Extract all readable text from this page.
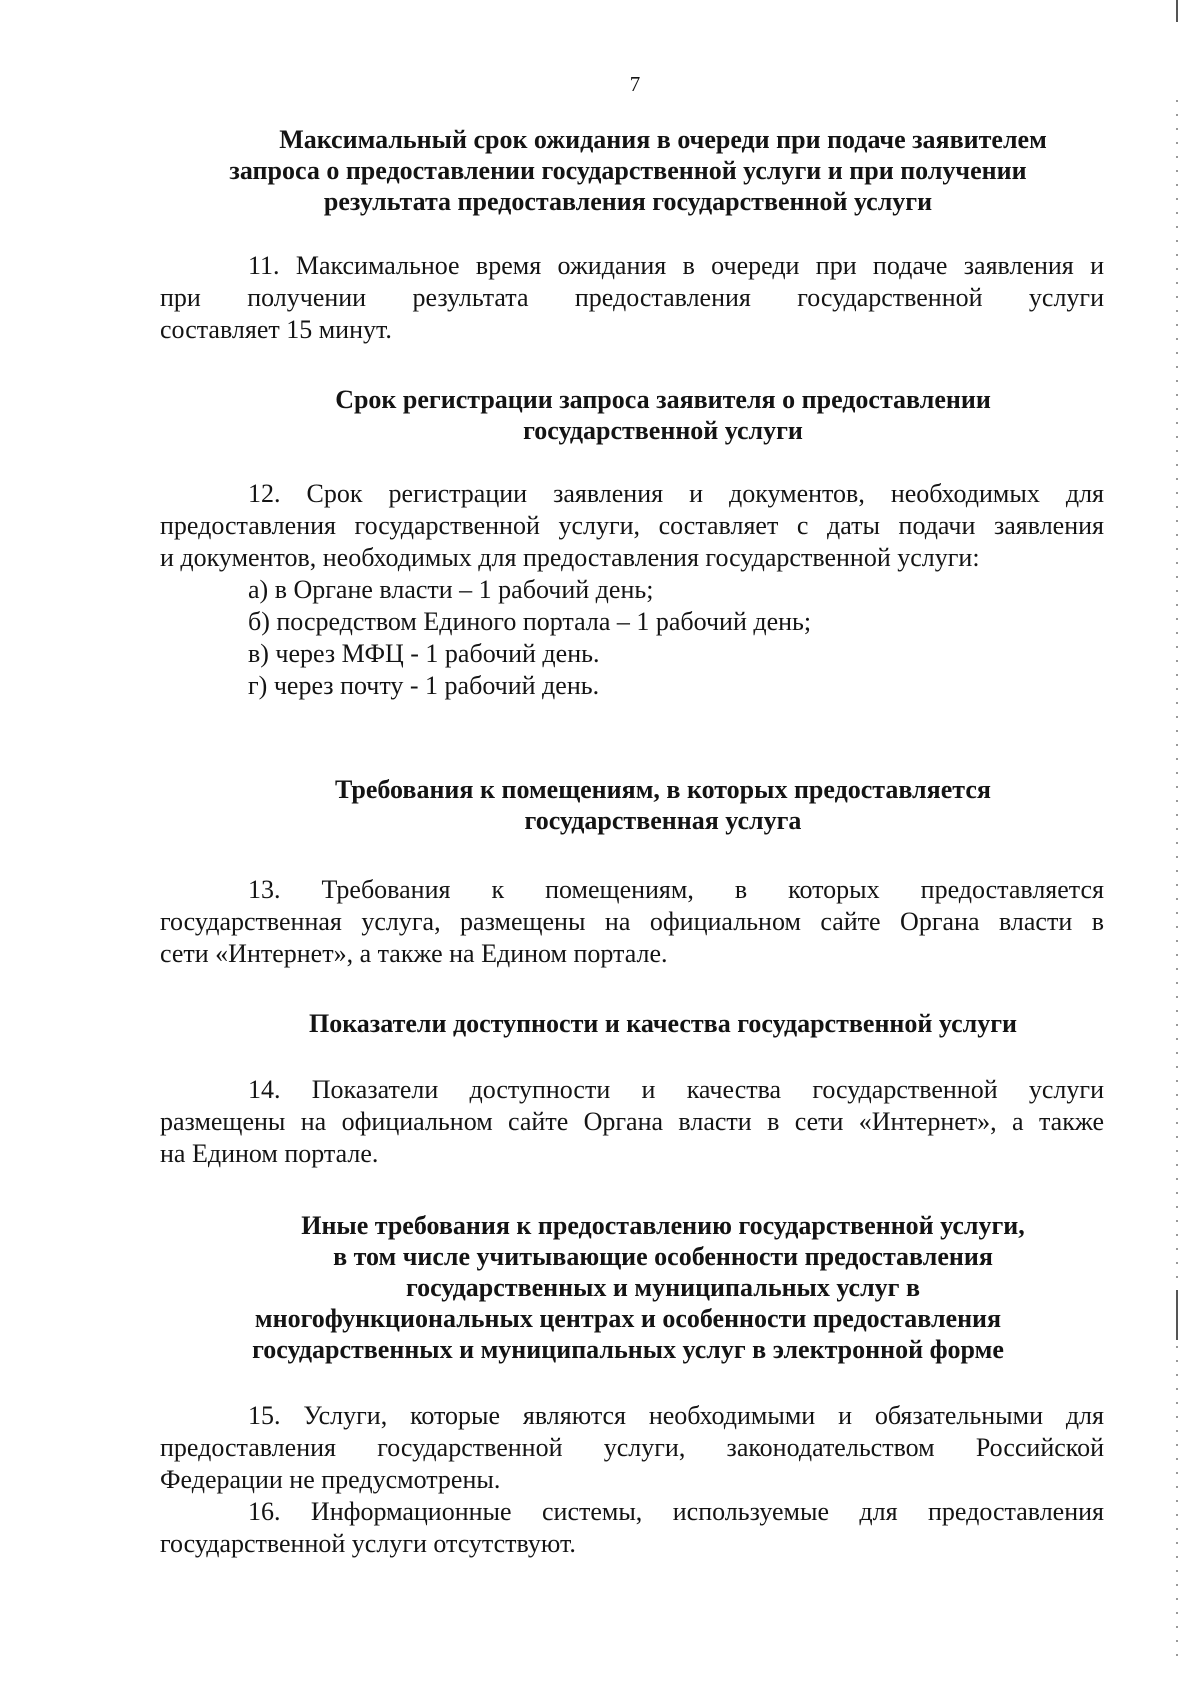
7
Максимальный срок ожидания в очереди при подаче заявителем
запроса о предоставлении государственной услуги и при получении
результата предоставления государственной услуги
11. Максимальное время ожидания в очереди при подаче заявления и
при получении результата предоставления государственной услуги
составляет 15 минут.
Срок регистрации запроса заявителя о предоставлении
государственной услуги
12. Срок регистрации заявления и документов, необходимых для
предоставления государственной услуги, составляет с даты подачи заявления
и документов, необходимых для предоставления государственной услуги:
а) в Органе власти – 1 рабочий день;
б) посредством Единого портала – 1 рабочий день;
в) через МФЦ - 1 рабочий день.
г) через почту - 1 рабочий день.
Требования к помещениям, в которых предоставляется
государственная услуга
13. Требования к помещениям, в которых предоставляется
государственная услуга, размещены на официальном сайте Органа власти в
сети «Интернет», а также на Едином портале.
Показатели доступности и качества государственной услуги
14. Показатели доступности и качества государственной услуги
размещены на официальном сайте Органа власти в сети «Интернет», а также
на Едином портале.
Иные требования к предоставлению государственной услуги,
в том числе учитывающие особенности предоставления
государственных и муниципальных услуг в
многофункциональных центрах и особенности предоставления
государственных и муниципальных услуг в электронной форме
15. Услуги, которые являются необходимыми и обязательными для
предоставления государственной услуги, законодательством Российской
Федерации не предусмотрены.
16. Информационные системы, используемые для предоставления
государственной услуги отсутствуют.
